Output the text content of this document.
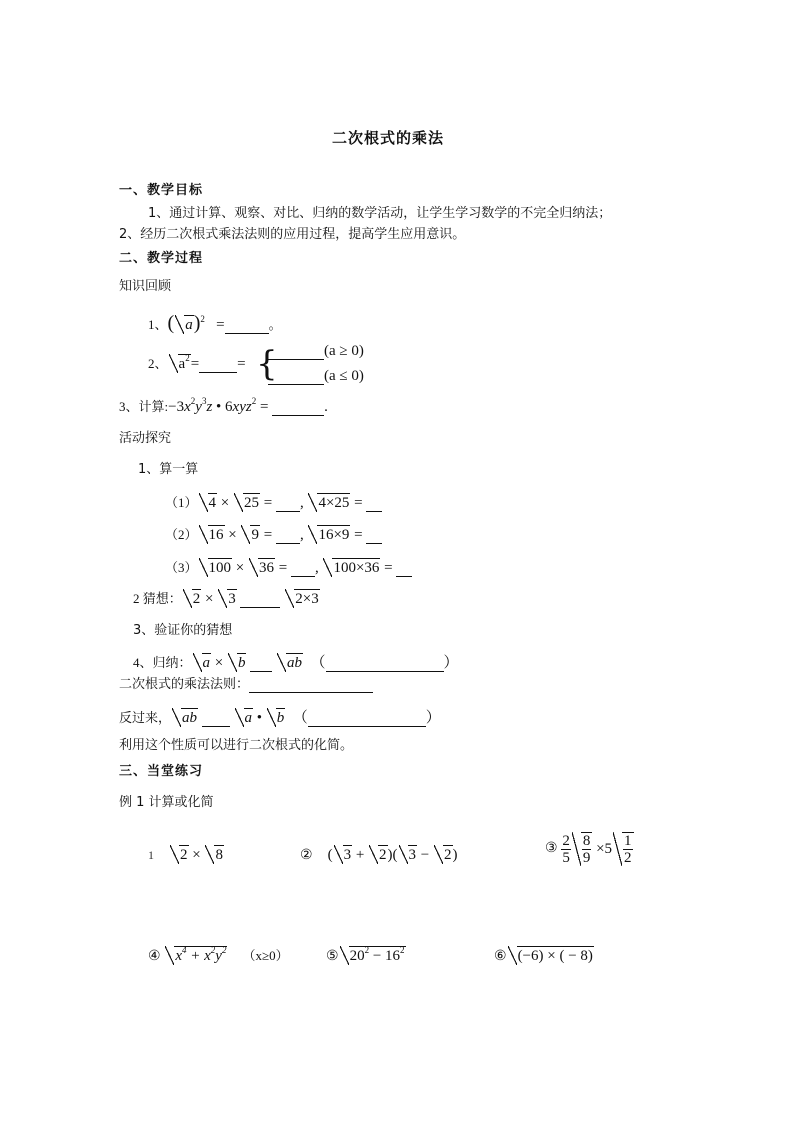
二次根式的乘法
一、教学目标
1、通过计算、观察、对比、归纳的数学活动，让学生学习数学的不完全归纳法；
2、经历二次根式乘法法则的应用过程，提高学生应用意识。
二、教学过程
知识回顾
1、( a)$^2$   =	。
2、 $a^2=$	= {	(a ≥ 0)
(a ≤ 0)
3、计算$:-3x^2y^3z$ • 6xyz$^2$ =	.
活动探究
1、算一算
（1） 4 × 25 = , 4×25 =
（2） 16 × 9 = , 16×9 =
（3） 100 × 36 = , 100×36 =
2 猜想： 2 × 3	2×3
3、验证你的猜想
4、归纳： a × b	ab  （	）
二次根式的乘法法则：
反过来， ab	a • b  （	）
利用这个性质可以进行二次根式的化简。
三、当堂练习
例 1 计算或化简
1 2 × 8	②    ( 3 + 2)( 3 − 2)	③ $\frac{2}{5} \frac{8}{9} \times 5 \frac{1}{2}$
④ $x^4 + x^2y^2$ （x≥0）	⑤ $20^2 - 16^2$	⑥ (−6) × ( − 8)
